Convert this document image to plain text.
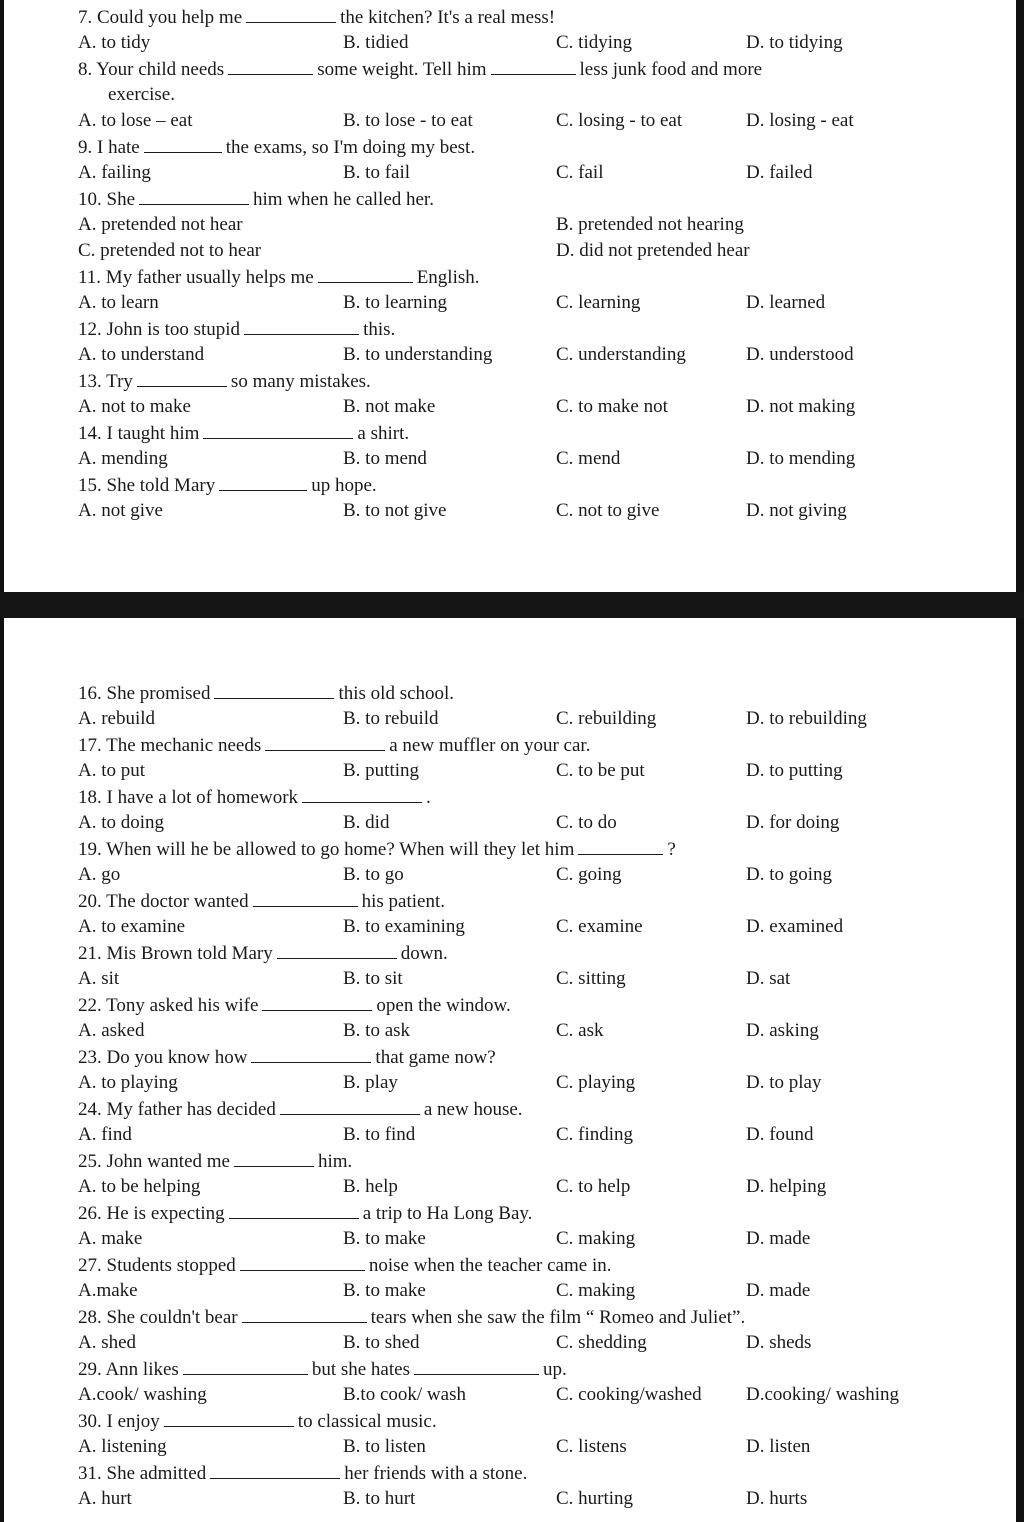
7. Could you help me	the kitchen? It's a real mess!
A. to tidy	B. tidied	C. tidying	D. to tidying
8. Your child needs	some weight. Tell him	less junk food and more
exercise.
A. to lose – eat	B. to lose - to eat	C. losing - to eat	D. losing - eat
9. I hate	the exams, so I'm doing my best.
A. failing	B. to fail	C. fail	D. failed
10. She	him when he called her.
A. pretended not hear	B. pretended not hearing
C. pretended not to hear	D. did not pretended hear
11. My father usually helps me	English.
A. to learn	B. to learning	C. learning	D. learned
12. John is too stupid	this.
A. to understand	B. to understanding	C. understanding	D. understood
13. Try	so many mistakes.
A. not to make	B. not make	C. to make not	D. not making
14. I taught him	a shirt.
A. mending	B. to mend	C. mend	D. to mending
15. She told Mary	up hope.
A. not give	B. to not give	C. not to give	D. not giving
16. She promised	this old school.
A. rebuild	B. to rebuild	C. rebuilding	D. to rebuilding
17. The mechanic needs	a new muffler on your car.
A. to put	B. putting	C. to be put	D. to putting
18. I have a lot of homework	.
A. to doing	B. did	C. to do	D. for doing
19. When will he be allowed to go home? When will they let him	?
A. go	B. to go	C. going	D. to going
20. The doctor wanted	his patient.
A. to examine	B. to examining	C. examine	D. examined
21. Mis Brown told Mary	down.
A. sit	B. to sit	C. sitting	D. sat
22. Tony asked his wife	open the window.
A. asked	B. to ask	C. ask	D. asking
23. Do you know how	that game now?
A. to playing	B. play	C. playing	D. to play
24. My father has decided	a new house.
A. find	B. to find	C. finding	D. found
25. John wanted me	him.
A. to be helping	B. help	C. to help	D. helping
26. He is expecting	a trip to Ha Long Bay.
A. make	B. to make	C. making	D. made
27. Students stopped	noise when the teacher came in.
A.make	B. to make	C. making	D. made
28. She couldn't bear	tears when she saw the film “ Romeo and Juliet”.
A. shed	B. to shed	C. shedding	D. sheds
29. Ann likes	but she hates	up.
A.cook/ washing	B.to cook/ wash	C. cooking/washed D.cooking/ washing
30. I enjoy	to classical music.
A. listening	B. to listen	C. listens	D. listen
31. She admitted	her friends with a stone.
A. hurt	B. to hurt	C. hurting	D. hurts
